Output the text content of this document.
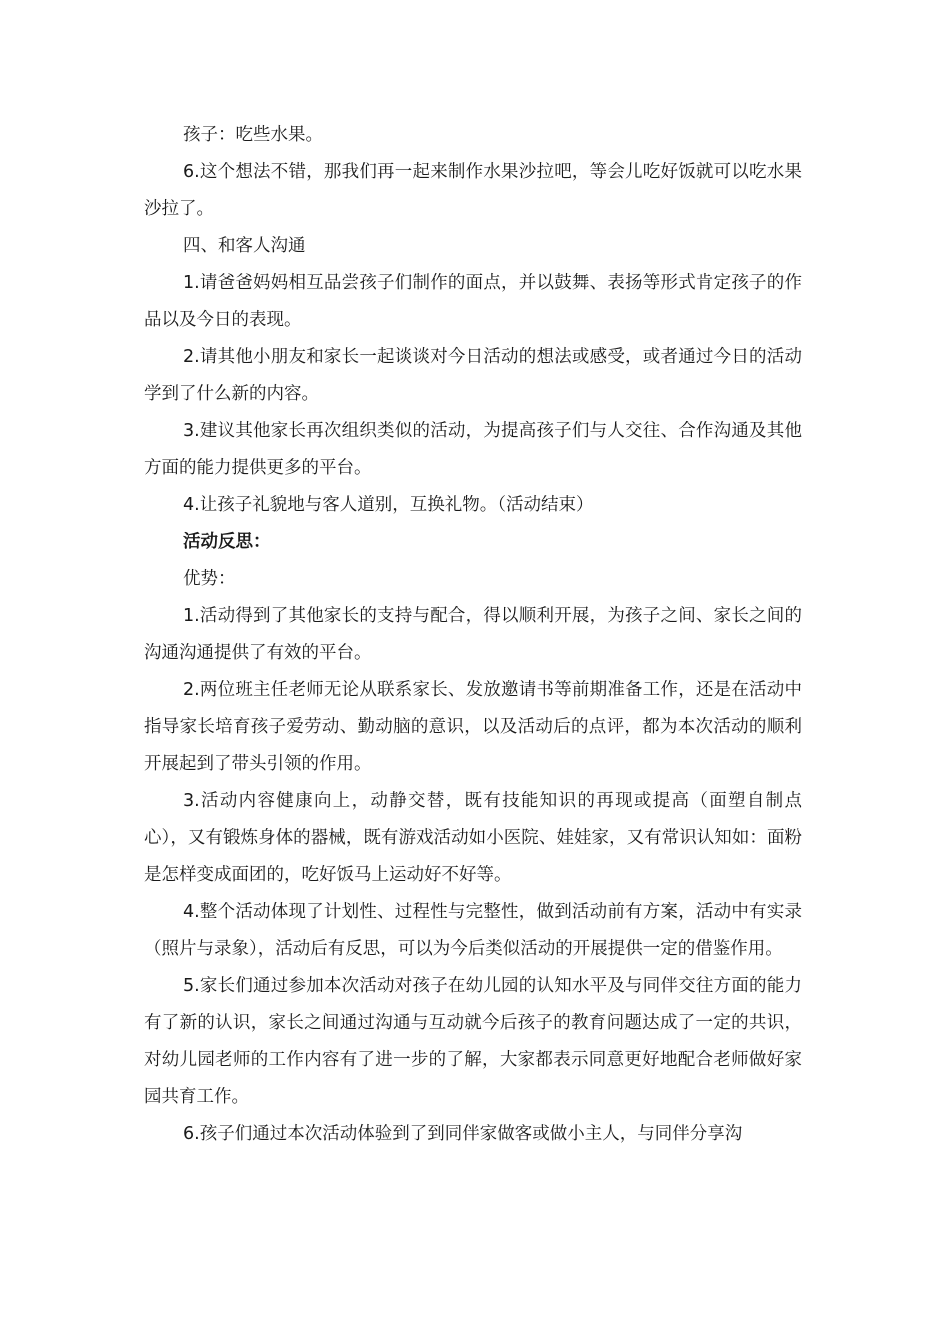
孩子：吃些水果。

6.这个想法不错，那我们再一起来制作水果沙拉吧，等会儿吃好饭就可以吃水果沙拉了。

四、和客人沟通

1.请爸爸妈妈相互品尝孩子们制作的面点，并以鼓舞、表扬等形式肯定孩子的作品以及今日的表现。

2.请其他小朋友和家长一起谈谈对今日活动的想法或感受，或者通过今日的活动学到了什么新的内容。

3.建议其他家长再次组织类似的活动，为提高孩子们与人交往、合作沟通及其他方面的能力提供更多的平台。

4.让孩子礼貌地与客人道别，互换礼物。（活动结束）

活动反思：

优势：

1.活动得到了其他家长的支持与配合，得以顺利开展，为孩子之间、家长之间的沟通沟通提供了有效的平台。

2.两位班主任老师无论从联系家长、发放邀请书等前期准备工作，还是在活动中指导家长培育孩子爱劳动、勤动脑的意识，以及活动后的点评，都为本次活动的顺利开展起到了带头引领的作用。

3.活动内容健康向上，动静交替，既有技能知识的再现或提高（面塑自制点心），又有锻炼身体的器械，既有游戏活动如小医院、娃娃家，又有常识认知如：面粉是怎样变成面团的，吃好饭马上运动好不好等。

4.整个活动体现了计划性、过程性与完整性，做到活动前有方案，活动中有实录（照片与录象），活动后有反思，可以为今后类似活动的开展提供一定的借鉴作用。

5.家长们通过参加本次活动对孩子在幼儿园的认知水平及与同伴交往方面的能力有了新的认识，家长之间通过沟通与互动就今后孩子的教育问题达成了一定的共识，对幼儿园老师的工作内容有了进一步的了解，大家都表示同意更好地配合老师做好家园共育工作。

6.孩子们通过本次活动体验到了到同伴家做客或做小主人，与同伴分享沟
